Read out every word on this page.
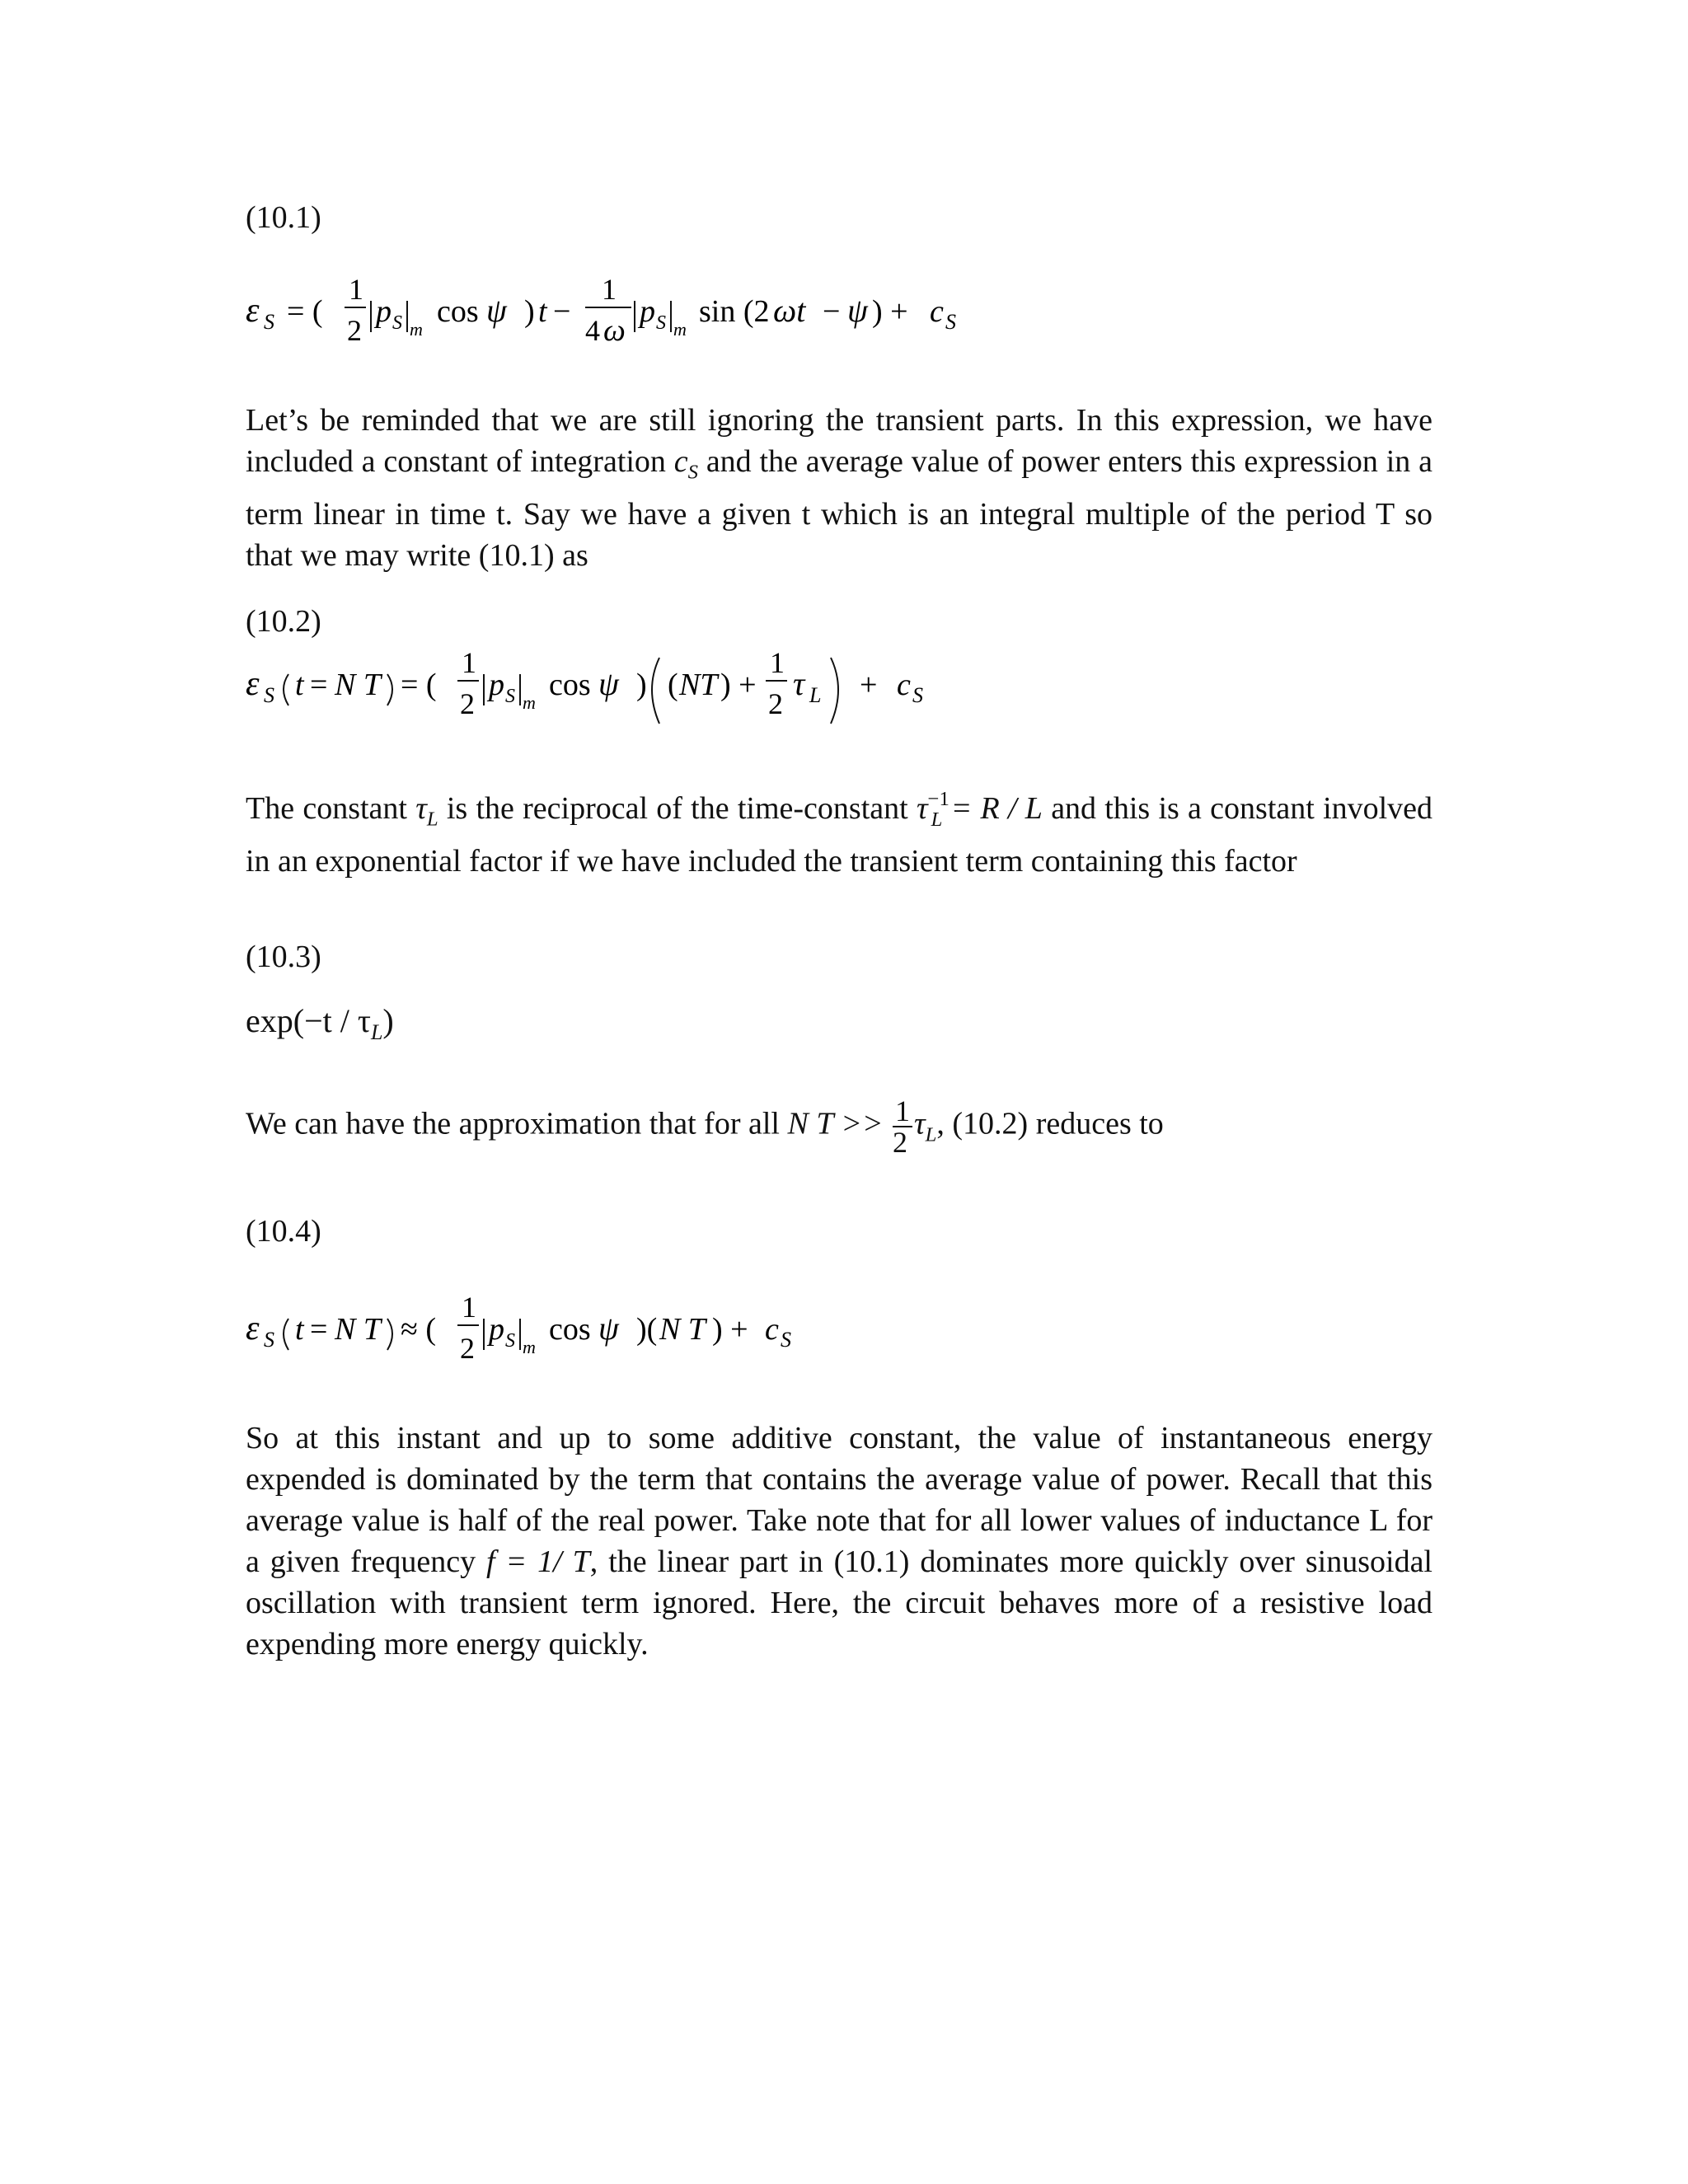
(10.1)
ε S = (
1
2
p S m
cos ψ ) t −
1
4 ω
p S m
sin (2 ωt − ψ ) + c S
Let’s be reminded that we are still ignoring the transient parts. In this expression, we have included a constant of integration $c_S$ and the average value of power enters this expression in a term linear in time t. Say we have a given t which is an integral multiple of the period T so that we may write (10.1) as
(10.2)
ε S t = N T = (
1
2
p S m
cos ψ ) ( NT ) +
1
2
τ L + c S
The constant $\tau_L$ is the reciprocal of the time-constant $\tau^{-1}_L = R / L$ and this is a constant involved in an exponential factor if we have included the transient term containing this factor
(10.3)
$\exp(-t / \tau_L)$
We can have the approximation that for all N $T >> \frac{1}{2} \tau_L$, (10.2) reduces to
(10.4)
ε S t = N T ≈ (
1
2
p S m
cos ψ )( N T ) + c S
So at this instant and up to some additive constant, the value of instantaneous energy expended is dominated by the term that contains the average value of power. Recall that this average value is half of the real power. Take note that for all lower values of inductance L for a given frequency f = 1/ T, the linear part in (10.1) dominates more quickly over sinusoidal oscillation with transient term ignored. Here, the circuit behaves more of a resistive load expending more energy quickly.
